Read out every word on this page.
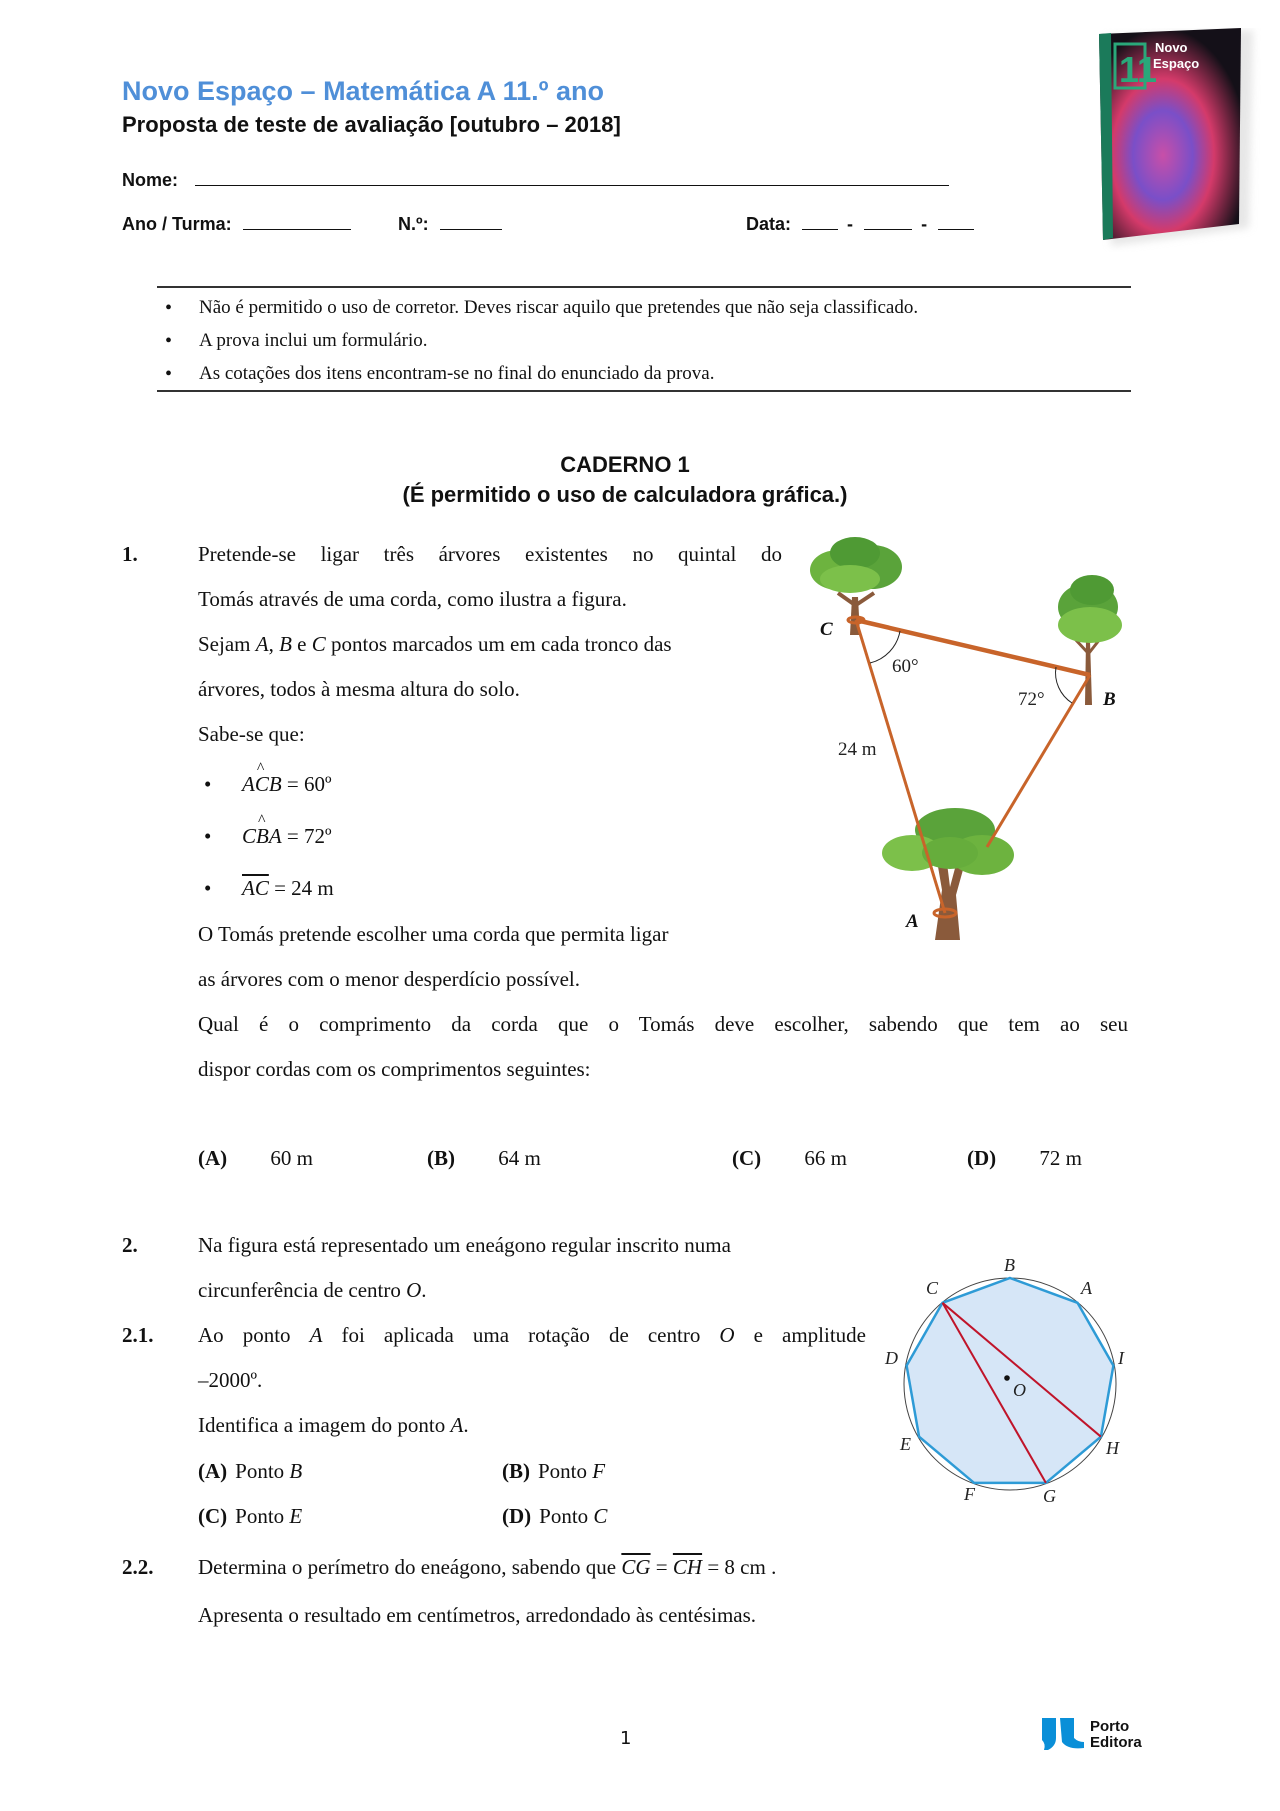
Novo Espaço – Matemática A 11.º ano
Proposta de teste de avaliação [outubro – 2018]
Nome:
Ano / Turma:	N.º:	Data:	-	-
11
Novo
Espaço
• Não é permitido o uso de corretor. Deves riscar aquilo que pretendes que não seja classificado.
• A prova inclui um formulário.
• As cotações dos itens encontram-se no final do enunciado da prova.
CADERNO 1
(É permitido o uso de calculadora gráfica.)
1.	Pretende-se ligar três árvores existentes no quintal do
Tomás através de uma corda, como ilustra a figura.
Sejam A, B e C pontos marcados um em cada tronco das
árvores, todos à mesma altura do solo.
Sabe-se que:
• AC ^B = 60º
• CB ^A = 72º
• $\overline{AC} = 24$ m
O Tomás pretende escolher uma corda que permita ligar
as árvores com o menor desperdício possível.
Qual é o comprimento da corda que o Tomás deve escolher, sabendo que tem ao seu
dispor cordas com os comprimentos seguintes:
(A) 60 m	(B) 64 m	(C) 66 m	(D) 72 m
C
60°
72°	B
24 m
A
2.	Na figura está representado um eneágono regular inscrito numa
circunferência de centro O.
2.1. Ao ponto A foi aplicada uma rotação de centro O e amplitude
–2000º.
Identifica a imagem do ponto A.
(A) Ponto B	(B) Ponto F
(C) Ponto E	(D) Ponto C
2.2. Determina o perímetro do eneágono, sabendo que $\overline{CG} = \overline{CH} = 8$ cm .
Apresenta o resultado em centímetros, arredondado às centésimas.
O
B
A
I
H
G
F
E
D
C
1
Porto
Editora
